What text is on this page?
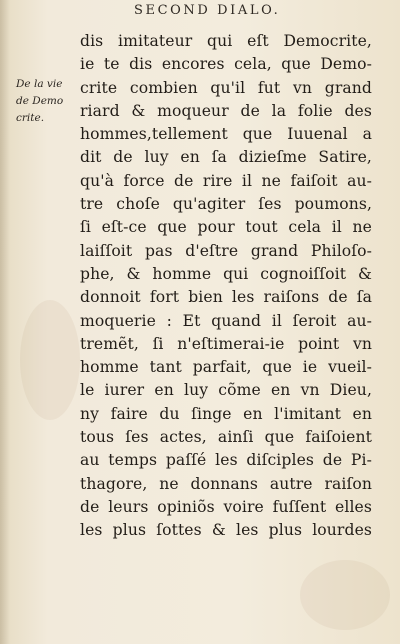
SECOND DIALO.
De la vie
de Demo
crite.
dis imitateur qui eſt Democrite,
ie te dis encores cela, que Demo-
crite combien qu'il fut vn grand
riard & moqueur de la folie des
hommes,tellement que Iuuenal a
dit de luy en ſa dizieſme Satire,
qu'à force de rire il ne faiſoit au-
tre choſe qu'agiter ſes poumons,
ſi eſt-ce que pour tout cela il ne
laiſſoit pas d'eſtre grand Philoſo-
phe, & homme qui cognoiſſoit &
donnoit fort bien les raiſons de ſa
moquerie : Et quand il ſeroit au-
tremẽt, ſi n'eſtimerai-ie point vn
homme tant parfait, que ie vueil-
le iurer en luy cõme en vn Dieu,
ny faire du ſinge en l'imitant en
tous ſes actes, ainſi que faiſoient
au temps paſſé les diſciples de Pi-
thagore, ne donnans autre raiſon
de leurs opiniõs voire fuſſent elles
les plus ſottes & les plus lourdes
